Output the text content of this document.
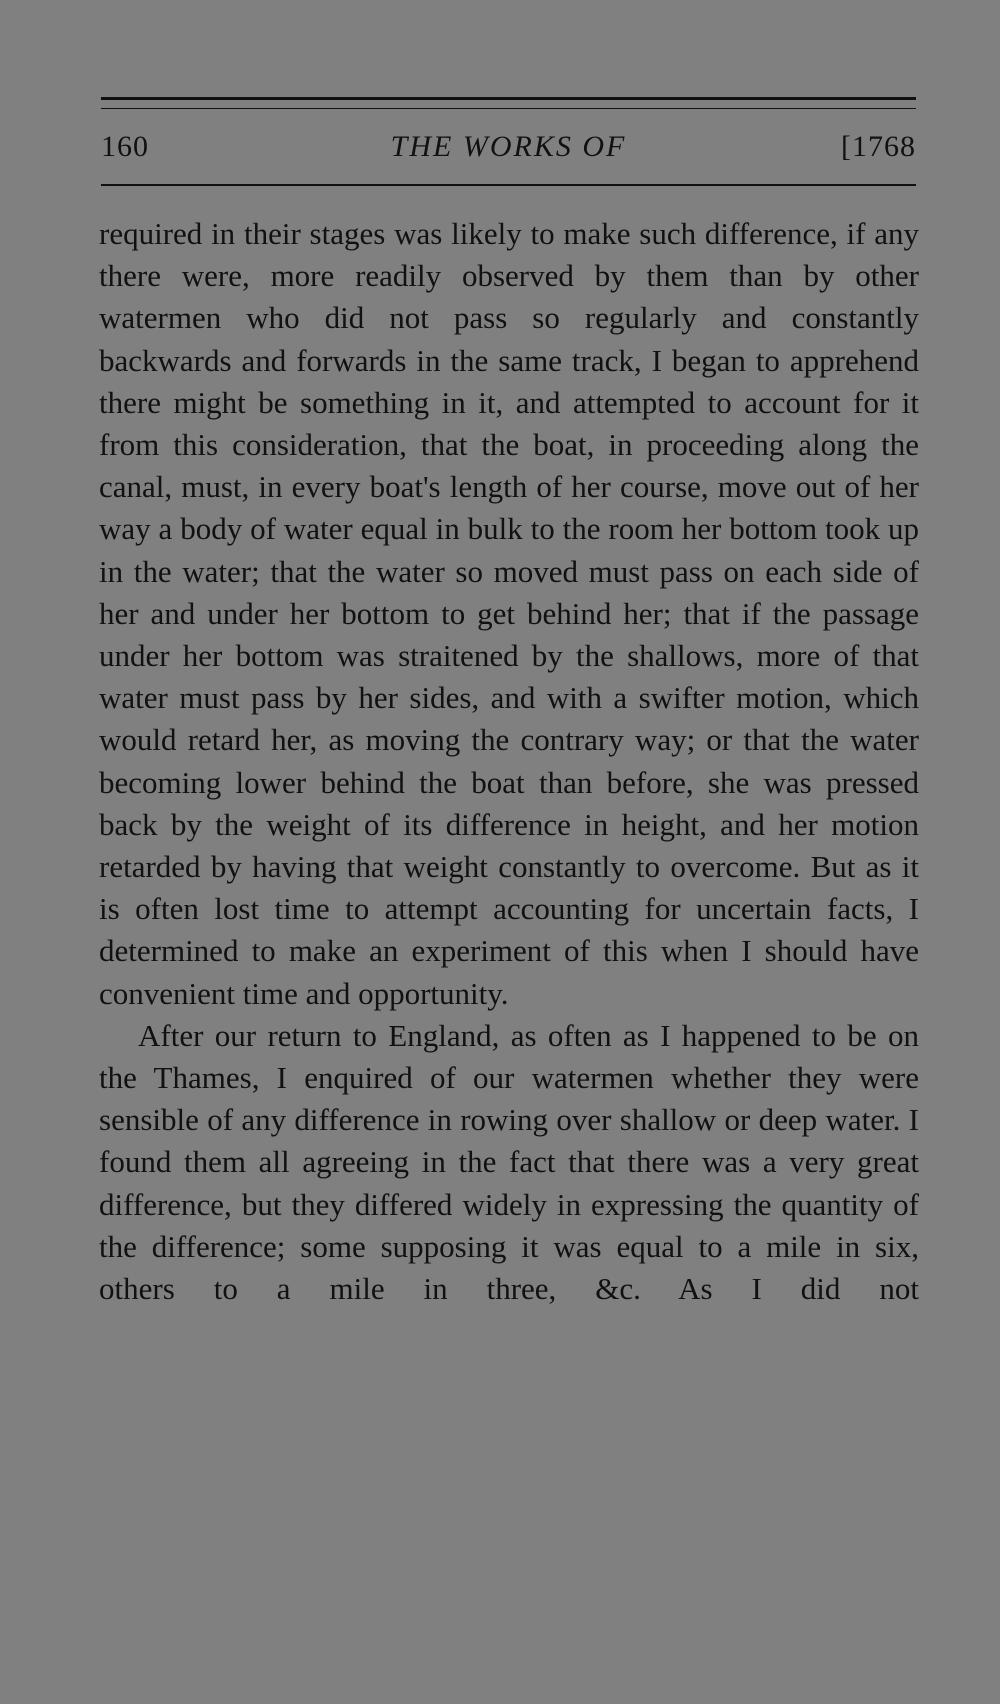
160	THE WORKS OF	[1768

required in their stages was likely to make such difference, if any there were, more readily observed by them than by other watermen who did not pass so regularly and constantly backwards and forwards in the same track, I began to apprehend there might be something in it, and attempted to account for it from this consideration, that the boat, in proceeding along the canal, must, in every boat's length of her course, move out of her way a body of water equal in bulk to the room her bottom took up in the water; that the water so moved must pass on each side of her and under her bottom to get behind her; that if the passage under her bottom was straitened by the shallows, more of that water must pass by her sides, and with a swifter motion, which would retard her, as moving the contrary way; or that the water becoming lower behind the boat than before, she was pressed back by the weight of its difference in height, and her motion retarded by having that weight constantly to overcome. But as it is often lost time to attempt accounting for uncertain facts, I determined to make an experiment of this when I should have convenient time and opportunity.

After our return to England, as often as I happened to be on the Thames, I enquired of our watermen whether they were sensible of any difference in rowing over shallow or deep water. I found them all agreeing in the fact that there was a very great difference, but they differed widely in expressing the quantity of the difference; some supposing it was equal to a mile in six, others to a mile in three, &c. As I did not
